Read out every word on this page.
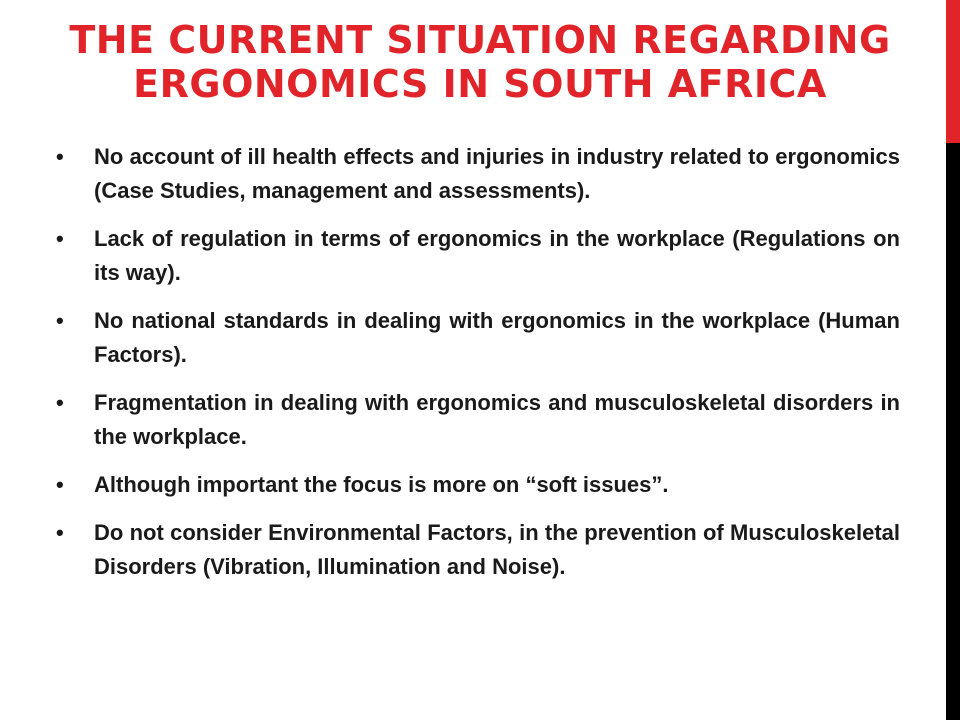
THE CURRENT SITUATION REGARDING ERGONOMICS IN SOUTH AFRICA
• No account of ill health effects and injuries in industry related to ergonomics (Case Studies, management and assessments).
• Lack of regulation in terms of ergonomics in the workplace (Regulations on its way).
• No national standards in dealing with ergonomics in the workplace (Human Factors).
• Fragmentation in dealing with ergonomics and musculoskeletal disorders in the workplace.
• Although important the focus is more on “soft issues”.
• Do not consider Environmental Factors, in the prevention of Musculoskeletal Disorders (Vibration, Illumination and Noise).
